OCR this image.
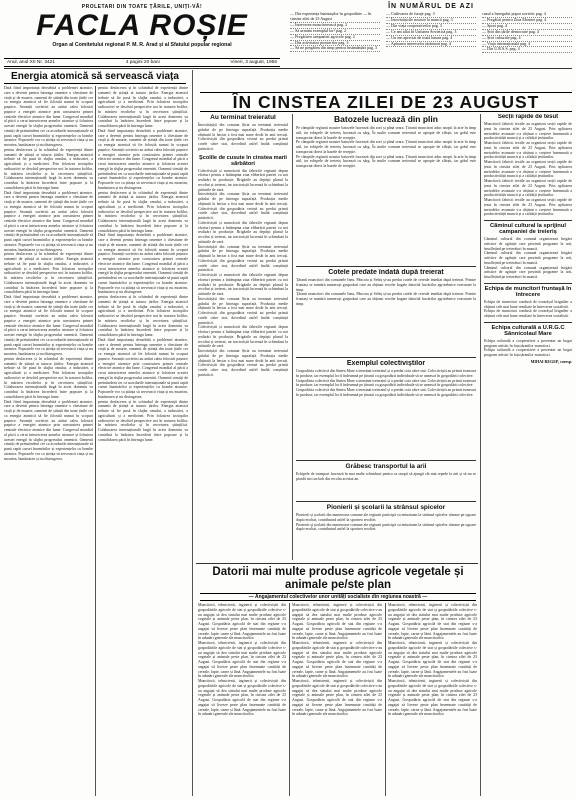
PROLETARI DIN TOATE ȚĂRILE, UNIȚI-VĂ!
FACLA ROȘIE
Organ al Comitetului regional P. M. R. Arad și al Sfatului popular regional
Anul, anul XII Nr. 3421	4 pagini 20 bani	Vineri, 3 august, 1956
ÎN NUMĂRUL DE AZI
— Din experiența înaintașilor în gospodărie — în cinstea zilei de 23 August
— Întrecerea muncitorească pag. 2
— Să urmăm exemplul lor! pag. 2
— Pregătirea campaniei agricole pag. 2
— Din activitatea pionierilor pag. 3
— Să ne pregătim din timp pentru însămânțări pag. 3
— Cultivarea de furaje pag. 3
— Întovărășirile noastre la muncă pag. 3
— Din viața cooperativelor pag. 3
— Ce am aflat în Uniunea Sovietică pag. 3
— Un om apreciat de toată lumea pag. 4
— Apărarea intereselor țărănimii pag. 4
cazul a întregului popor sovietic pag. 4
— Pregătiri pentru Ziua Marinei pag. 4
— Sport pag. 4
— Știri din țările democrate pag. 4
— Știri culturale pag. 4
— Viața internațională pag. 4
— Din U.R.S.S. pag. 4
Energia atomică să servească viața
ÎN CINSTEA ZILEI DE 23 AUGUST
Dată fiind importanța deosebită a problemei atomice, care a devenit pentru întreaga omenire o chestiune de viață și de moarte, oamenii de știință din toate țările cer ca energia atomică să fie folosită numai în scopuri pașnice. Savanții sovietici au arătat calea folosirii pașnice a energiei atomice prin construirea primei centrale electrice atomice din lume. Congresul mondial al păcii a cerut interzicerea armelor atomice și folosirea acestei energii în slujba progresului omenirii. Oamenii cinstiți de pretutindeni cer ca acordurile internaționale să pună capăt cursei înarmărilor și experiențelor cu bombe atomice. Popoarele vor ca știința să servească viața și nu moartea, bunăstarea și nu distrugerea.
pentru desfacerea și în schimbul de experiență dintre oamenii de știință ai tuturor țărilor. Energia atomică trebuie să fie pusă în slujba omului, a industriei, a agriculturii și a medicinei. Prin folosirea izotopilor radioactivi se deschid perspective noi în tratarea bolilor, în mărirea recoltelor și în cercetarea științifică. Colaborarea internațională largă în acest domeniu va contribui la întărirea încrederii între popoare și la consolidarea păcii în întreaga lume.
Dată fiind importanța deosebită a problemei atomice, care a devenit pentru întreaga omenire o chestiune de viață și de moarte, oamenii de știință din toate țările cer ca energia atomică să fie folosită numai în scopuri pașnice. Savanții sovietici au arătat calea folosirii pașnice a energiei atomice prin construirea primei centrale electrice atomice din lume. Congresul mondial al păcii a cerut interzicerea armelor atomice și folosirea acestei energii în slujba progresului omenirii. Oamenii cinstiți de pretutindeni cer ca acordurile internaționale să pună capăt cursei înarmărilor și experiențelor cu bombe atomice. Popoarele vor ca știința să servească viața și nu moartea, bunăstarea și nu distrugerea.
pentru desfacerea și în schimbul de experiență dintre oamenii de știință ai tuturor țărilor. Energia atomică trebuie să fie pusă în slujba omului, a industriei, a agriculturii și a medicinei. Prin folosirea izotopilor radioactivi se deschid perspective noi în tratarea bolilor, în mărirea recoltelor și în cercetarea științifică. Colaborarea internațională largă în acest domeniu va contribui la întărirea încrederii între popoare și la consolidarea păcii în întreaga lume.
Dată fiind importanța deosebită a problemei atomice, care a devenit pentru întreaga omenire o chestiune de viață și de moarte, oamenii de știință din toate țările cer ca energia atomică să fie folosită numai în scopuri pașnice. Savanții sovietici au arătat calea folosirii pașnice a energiei atomice prin construirea primei centrale electrice atomice din lume. Congresul mondial al păcii a cerut interzicerea armelor atomice și folosirea acestei energii în slujba progresului omenirii. Oamenii cinstiți de pretutindeni cer ca acordurile internaționale să pună capăt cursei înarmărilor și experiențelor cu bombe atomice. Popoarele vor ca știința să servească viața și nu moartea, bunăstarea și nu distrugerea.
pentru desfacerea și în schimbul de experiență dintre oamenii de știință ai tuturor țărilor. Energia atomică trebuie să fie pusă în slujba omului, a industriei, a agriculturii și a medicinei. Prin folosirea izotopilor radioactivi se deschid perspective noi în tratarea bolilor, în mărirea recoltelor și în cercetarea științifică. Colaborarea internațională largă în acest domeniu va contribui la întărirea încrederii între popoare și la consolidarea păcii în întreaga lume.
Dată fiind importanța deosebită a problemei atomice, care a devenit pentru întreaga omenire o chestiune de viață și de moarte, oamenii de știință din toate țările cer ca energia atomică să fie folosită numai în scopuri pașnice. Savanții sovietici au arătat calea folosirii pașnice a energiei atomice prin construirea primei centrale electrice atomice din lume. Congresul mondial al păcii a cerut interzicerea armelor atomice și folosirea acestei energii în slujba progresului omenirii. Oamenii cinstiți de pretutindeni cer ca acordurile internaționale să pună capăt cursei înarmărilor și experiențelor cu bombe atomice. Popoarele vor ca știința să servească viața și nu moartea, bunăstarea și nu distrugerea.
pentru desfacerea și în schimbul de experiență dintre oamenii de știință ai tuturor țărilor. Energia atomică trebuie să fie pusă în slujba omului, a industriei, a agriculturii și a medicinei. Prin folosirea izotopilor radioactivi se deschid perspective noi în tratarea bolilor, în mărirea recoltelor și în cercetarea științifică. Colaborarea internațională largă în acest domeniu va contribui la întărirea încrederii între popoare și la consolidarea păcii în întreaga lume.
Dată fiind importanța deosebită a problemei atomice, care a devenit pentru întreaga omenire o chestiune de viață și de moarte, oamenii de știință din toate țările cer ca energia atomică să fie folosită numai în scopuri pașnice. Savanții sovietici au arătat calea folosirii pașnice a energiei atomice prin construirea primei centrale electrice atomice din lume. Congresul mondial al păcii a cerut interzicerea armelor atomice și folosirea acestei energii în slujba progresului omenirii. Oamenii cinstiți de pretutindeni cer ca acordurile internaționale să pună capăt cursei înarmărilor și experiențelor cu bombe atomice. Popoarele vor ca știința să servească viața și nu moartea, bunăstarea și nu distrugerea.
pentru desfacerea și în schimbul de experiență dintre oamenii de știință ai tuturor țărilor. Energia atomică trebuie să fie pusă în slujba omului, a industriei, a agriculturii și a medicinei. Prin folosirea izotopilor radioactivi se deschid perspective noi în tratarea bolilor, în mărirea recoltelor și în cercetarea științifică. Colaborarea internațională largă în acest domeniu va contribui la întărirea încrederii între popoare și la consolidarea păcii în întreaga lume.
Dată fiind importanța deosebită a problemei atomice, care a devenit pentru întreaga omenire o chestiune de viață și de moarte, oamenii de știință din toate țările cer ca energia atomică să fie folosită numai în scopuri pașnice. Savanții sovietici au arătat calea folosirii pașnice a energiei atomice prin construirea primei centrale electrice atomice din lume. Congresul mondial al păcii a cerut interzicerea armelor atomice și folosirea acestei energii în slujba progresului omenirii. Oamenii cinstiți de pretutindeni cer ca acordurile internaționale să pună capăt cursei înarmărilor și experiențelor cu bombe atomice. Popoarele vor ca știința să servească viața și nu moartea, bunăstarea și nu distrugerea.
pentru desfacerea și în schimbul de experiență dintre oamenii de știință ai tuturor țărilor. Energia atomică trebuie să fie pusă în slujba omului, a industriei, a agriculturii și a medicinei. Prin folosirea izotopilor radioactivi se deschid perspective noi în tratarea bolilor, în mărirea recoltelor și în cercetarea științifică. Colaborarea internațională largă în acest domeniu va contribui la întărirea încrederii între popoare și la consolidarea păcii în întreaga lume.
Dată fiind importanța deosebită a problemei atomice, care a devenit pentru întreaga omenire o chestiune de viață și de moarte, oamenii de știință din toate țările cer ca energia atomică să fie folosită numai în scopuri pașnice. Savanții sovietici au arătat calea folosirii pașnice a energiei atomice prin construirea primei centrale electrice atomice din lume. Congresul mondial al păcii a cerut interzicerea armelor atomice și folosirea acestei energii în slujba progresului omenirii. Oamenii cinstiți de pretutindeni cer ca acordurile internaționale să pună capăt cursei înarmărilor și experiențelor cu bombe atomice. Popoarele vor ca știința să servească viața și nu moartea, bunăstarea și nu distrugerea.
pentru desfacerea și în schimbul de experiență dintre oamenii de știință ai tuturor țărilor. Energia atomică trebuie să fie pusă în slujba omului, a industriei, a agriculturii și a medicinei. Prin folosirea izotopilor radioactivi se deschid perspective noi în tratarea bolilor, în mărirea recoltelor și în cercetarea științifică. Colaborarea internațională largă în acest domeniu va contribui la întărirea încrederii între popoare și la consolidarea păcii în întreaga lume.
Au terminat treieratul
Întovărășiții din comuna Șiria au terminat treieratul grâului de pe întreaga suprafață. Producția medie obținută la hectar a fost mai mare decât în anii trecuți. Colectiviștii din gospodăria vecină au predat primii cotele către stat, dovedind astfel înaltă conștiință patriotică.
Școlile de cusute în cinstea marii sărbători
Colectiviștii și muncitorii din fabricile regiunii depun eforturi pentru a întâmpina ziua eliberării patriei cu noi realizări în producție. Brigăzile au depășit planul la recoltat și treierat, iar tractoriștii lucrează în schimburi la arăturile de vară.
Întovărășiții din comuna Șiria au terminat treieratul grâului de pe întreaga suprafață. Producția medie obținută la hectar a fost mai mare decât în anii trecuți. Colectiviștii din gospodăria vecină au predat primii cotele către stat, dovedind astfel înaltă conștiință patriotică.
Colectiviștii și muncitorii din fabricile regiunii depun eforturi pentru a întâmpina ziua eliberării patriei cu noi realizări în producție. Brigăzile au depășit planul la recoltat și treierat, iar tractoriștii lucrează în schimburi la arăturile de vară.
Întovărășiții din comuna Șiria au terminat treieratul grâului de pe întreaga suprafață. Producția medie obținută la hectar a fost mai mare decât în anii trecuți. Colectiviștii din gospodăria vecină au predat primii cotele către stat, dovedind astfel înaltă conștiință patriotică.
Colectiviștii și muncitorii din fabricile regiunii depun eforturi pentru a întâmpina ziua eliberării patriei cu noi realizări în producție. Brigăzile au depășit planul la recoltat și treierat, iar tractoriștii lucrează în schimburi la arăturile de vară.
Întovărășiții din comuna Șiria au terminat treieratul grâului de pe întreaga suprafață. Producția medie obținută la hectar a fost mai mare decât în anii trecuți. Colectiviștii din gospodăria vecină au predat primii cotele către stat, dovedind astfel înaltă conștiință patriotică.
Colectiviștii și muncitorii din fabricile regiunii depun eforturi pentru a întâmpina ziua eliberării patriei cu noi realizări în producție. Brigăzile au depășit planul la recoltat și treierat, iar tractoriștii lucrează în schimburi la arăturile de vară.
Întovărășiții din comuna Șiria au terminat treieratul grâului de pe întreaga suprafață. Producția medie obținută la hectar a fost mai mare decât în anii trecuți. Colectiviștii din gospodăria vecină au predat primii cotele către stat, dovedind astfel înaltă conștiință patriotică.
Batozele lucrează din plin
Pe câmpiile regiunii noastre batozele lucrează din zori și până seara. Țăranii muncitori aduc snopii la arie în timp util, iar echipele de treieriș lucrează cu sârg. În multe comune treieratul se apropie de sfârșit, iar grâul este transportat direct la bazele de recepție.
Pe câmpiile regiunii noastre batozele lucrează din zori și până seara. Țăranii muncitori aduc snopii la arie în timp util, iar echipele de treieriș lucrează cu sârg. În multe comune treieratul se apropie de sfârșit, iar grâul este transportat direct la bazele de recepție.
Pe câmpiile regiunii noastre batozele lucrează din zori și până seara. Țăranii muncitori aduc snopii la arie în timp util, iar echipele de treieriș lucrează cu sârg. În multe comune treieratul se apropie de sfârșit, iar grâul este transportat direct la bazele de recepție.
Cotele predate îndată după treierat
Țăranii muncitori din comunele Ineu, Pâncota și Sebiș și-au predat cotele de cereale imediat după treierat. Printre fruntași se numără numeroși gospodari care au obținut recolte bogate datorită lucrărilor agrotehnice executate la timp.
Țăranii muncitori din comunele Ineu, Pâncota și Sebiș și-au predat cotele de cereale imediat după treierat. Printre fruntași se numără numeroși gospodari care au obținut recolte bogate datorită lucrărilor agrotehnice executate la timp.
Exemplul colectiviștilor
Gospodăria colectivă din Sintea Mare a terminat treieratul și a predat cota către stat. Colectiviștii au primit avansuri în produse, iar exemplul lor îi îndeamnă pe țăranii cu gospodării individuale să se unească în gospodării colective.
Gospodăria colectivă din Sintea Mare a terminat treieratul și a predat cota către stat. Colectiviștii au primit avansuri în produse, iar exemplul lor îi îndeamnă pe țăranii cu gospodării individuale să se unească în gospodării colective.
Gospodăria colectivă din Sintea Mare a terminat treieratul și a predat cota către stat. Colectiviștii au primit avansuri în produse, iar exemplul lor îi îndeamnă pe țăranii cu gospodării individuale să se unească în gospodării colective.
Grăbesc transportul la arii
Echipele de transport lucrează în mai multe schimburi pentru ca snopii să ajungă cât mai repede la arii și să nu se piardă nici un bob din recolta acestui an.
Pionierii și școlarii la strânsul spicelor
Pionierii și școlarii din numeroase comune ale regiunii participă cu entuziasm la strânsul spicelor rămase pe ogoare după recoltat, contribuind astfel la sporirea recoltei.
Pionierii și școlarii din numeroase comune ale regiunii participă cu entuziasm la strânsul spicelor rămase pe ogoare după recoltat, contribuind astfel la sporirea recoltei.
Secții rapide de tesut
Muncitorii fabricii textile au organizat secții rapide de țesut în cinstea zilei de 23 August. Prin aplicarea metodelor avansate s-a obținut o creștere însemnată a productivității muncii și a calității țesăturilor.
Muncitorii fabricii textile au organizat secții rapide de țesut în cinstea zilei de 23 August. Prin aplicarea metodelor avansate s-a obținut o creștere însemnată a productivității muncii și a calității țesăturilor.
Muncitorii fabricii textile au organizat secții rapide de țesut în cinstea zilei de 23 August. Prin aplicarea metodelor avansate s-a obținut o creștere însemnată a productivității muncii și a calității țesăturilor.
Muncitorii fabricii textile au organizat secții rapide de țesut în cinstea zilei de 23 August. Prin aplicarea metodelor avansate s-a obținut o creștere însemnată a productivității muncii și a calității țesăturilor.
Muncitorii fabricii textile au organizat secții rapide de țesut în cinstea zilei de 23 August. Prin aplicarea metodelor avansate s-a obținut o creștere însemnată a productivității muncii și a calității țesăturilor.
Căminul cultural la sprijinul campaniei de treieriș
Căminul cultural din comună organizează brigăzi artistice de agitație care prezintă programe la arii, însuflețind pe treierători în muncă.
Căminul cultural din comună organizează brigăzi artistice de agitație care prezintă programe la arii, însuflețind pe treierători în muncă.
Căminul cultural din comună organizează brigăzi artistice de agitație care prezintă programe la arii, însuflețind pe treierători în muncă.
Echipa de muncitori fruntașă în întrecere
Echipa de muncitori condusă de tovarășul brigadier a obținut cele mai bune rezultate în întrecerea socialistă.
Echipa de muncitori condusă de tovarășul brigadier a obținut cele mai bune rezultate în întrecerea socialistă.
Echipa culturală a U.R.G.C Sânnicolaul Mare
Echipa culturală a cooperativei a prezentat un bogat program artistic în fața țăranilor muncitori.
Echipa culturală a cooperativei a prezentat un bogat program artistic în fața țăranilor muncitori.
MIHAI REGEP, coresp.
Datorii mai multe produse agricole vegetale și animale pe/ste plan
— Angajamentul colectivelor unor unități socialiste din regiunea noastră —
Muncitorii, tehnicienii, inginerii și colectiviștii din gospodăriile agricole de stat și gospodăriile colective s-au angajat să dea statului mai multe produse agricole vegetale și animale peste plan, în cinstea zilei de 23 August. Gospodăria agricolă de stat din regiune s-a angajat să livreze peste plan însemnate cantități de cereale, lapte, carne și lână. Angajamentele au fost luate în adunări generale ale muncitorilor.
Muncitorii, tehnicienii, inginerii și colectiviștii din gospodăriile agricole de stat și gospodăriile colective s-au angajat să dea statului mai multe produse agricole vegetale și animale peste plan, în cinstea zilei de 23 August. Gospodăria agricolă de stat din regiune s-a angajat să livreze peste plan însemnate cantități de cereale, lapte, carne și lână. Angajamentele au fost luate în adunări generale ale muncitorilor.
Muncitorii, tehnicienii, inginerii și colectiviștii din gospodăriile agricole de stat și gospodăriile colective s-au angajat să dea statului mai multe produse agricole vegetale și animale peste plan, în cinstea zilei de 23 August. Gospodăria agricolă de stat din regiune s-a angajat să livreze peste plan însemnate cantități de cereale, lapte, carne și lână. Angajamentele au fost luate în adunări generale ale muncitorilor.
Muncitorii, tehnicienii, inginerii și colectiviștii din gospodăriile agricole de stat și gospodăriile colective s-au angajat să dea statului mai multe produse agricole vegetale și animale peste plan, în cinstea zilei de 23 August. Gospodăria agricolă de stat din regiune s-a angajat să livreze peste plan însemnate cantități de cereale, lapte, carne și lână. Angajamentele au fost luate în adunări generale ale muncitorilor.
Muncitorii, tehnicienii, inginerii și colectiviștii din gospodăriile agricole de stat și gospodăriile colective s-au angajat să dea statului mai multe produse agricole vegetale și animale peste plan, în cinstea zilei de 23 August. Gospodăria agricolă de stat din regiune s-a angajat să livreze peste plan însemnate cantități de cereale, lapte, carne și lână. Angajamentele au fost luate în adunări generale ale muncitorilor.
Muncitorii, tehnicienii, inginerii și colectiviștii din gospodăriile agricole de stat și gospodăriile colective s-au angajat să dea statului mai multe produse agricole vegetale și animale peste plan, în cinstea zilei de 23 August. Gospodăria agricolă de stat din regiune s-a angajat să livreze peste plan însemnate cantități de cereale, lapte, carne și lână. Angajamentele au fost luate în adunări generale ale muncitorilor.
Muncitorii, tehnicienii, inginerii și colectiviștii din gospodăriile agricole de stat și gospodăriile colective s-au angajat să dea statului mai multe produse agricole vegetale și animale peste plan, în cinstea zilei de 23 August. Gospodăria agricolă de stat din regiune s-a angajat să livreze peste plan însemnate cantități de cereale, lapte, carne și lână. Angajamentele au fost luate în adunări generale ale muncitorilor.
Muncitorii, tehnicienii, inginerii și colectiviștii din gospodăriile agricole de stat și gospodăriile colective s-au angajat să dea statului mai multe produse agricole vegetale și animale peste plan, în cinstea zilei de 23 August. Gospodăria agricolă de stat din regiune s-a angajat să livreze peste plan însemnate cantități de cereale, lapte, carne și lână. Angajamentele au fost luate în adunări generale ale muncitorilor.
Muncitorii, tehnicienii, inginerii și colectiviștii din gospodăriile agricole de stat și gospodăriile colective s-au angajat să dea statului mai multe produse agricole vegetale și animale peste plan, în cinstea zilei de 23 August. Gospodăria agricolă de stat din regiune s-a angajat să livreze peste plan însemnate cantități de cereale, lapte, carne și lână. Angajamentele au fost luate în adunări generale ale muncitorilor.
